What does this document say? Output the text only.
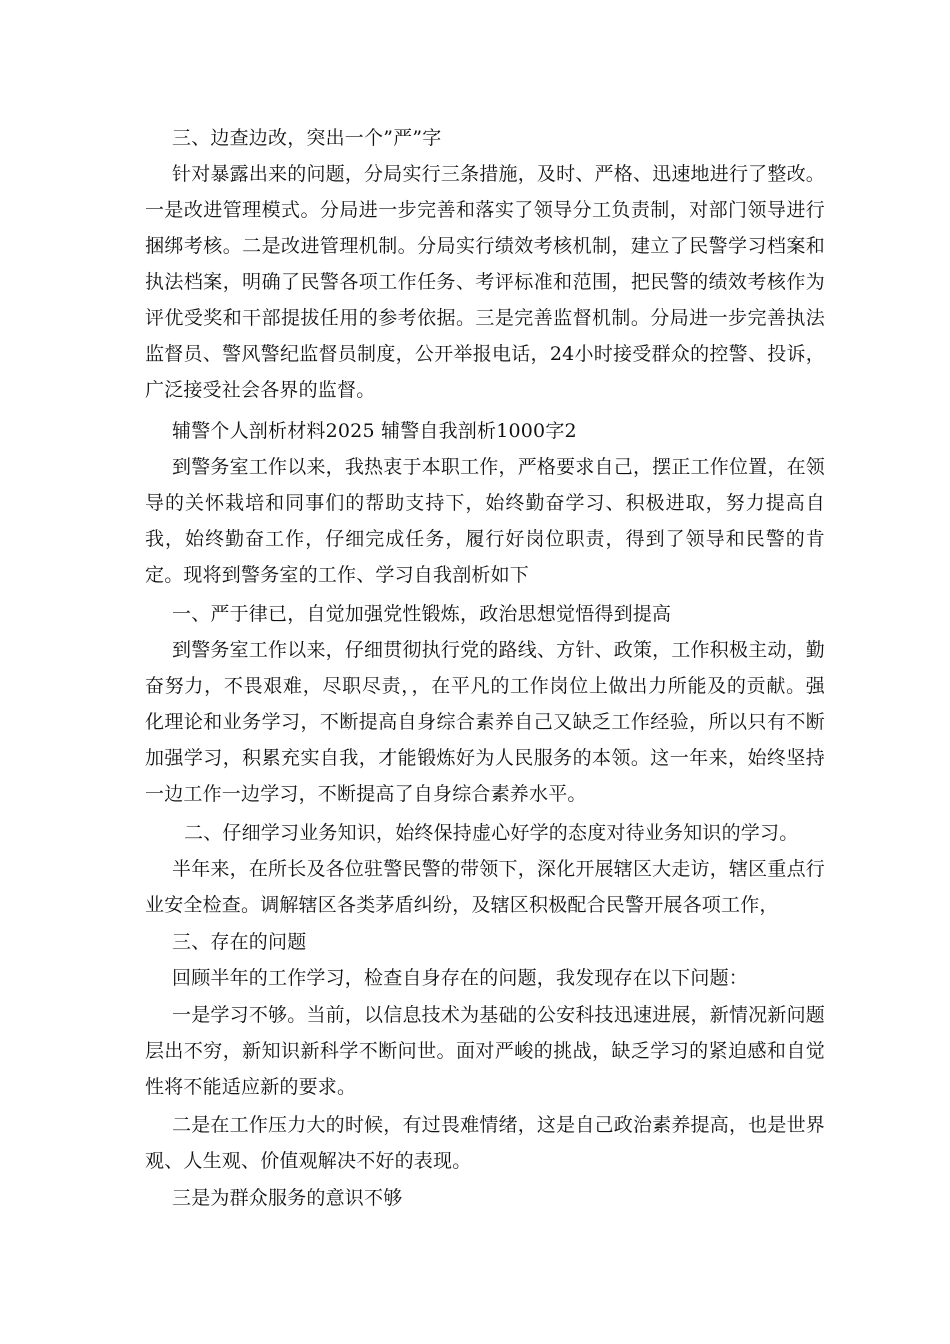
三、边查边改，突出一个”严”字

针对暴露出来的问题，分局实行三条措施，及时、严格、迅速地进行了整改。一是改进管理模式。分局进一步完善和落实了领导分工负责制，对部门领导进行捆绑考核。二是改进管理机制。分局实行绩效考核机制，建立了民警学习档案和执法档案，明确了民警各项工作任务、考评标准和范围，把民警的绩效考核作为评优受奖和干部提拔任用的参考依据。三是完善监督机制。分局进一步完善执法监督员、警风警纪监督员制度，公开举报电话，24小时接受群众的控警、投诉，广泛接受社会各界的监督。

辅警个人剖析材料2025 辅警自我剖析1000字2

到警务室工作以来，我热衷于本职工作，严格要求自己，摆正工作位置，在领导的关怀栽培和同事们的帮助支持下，始终勤奋学习、积极进取，努力提高自我，始终勤奋工作，仔细完成任务，履行好岗位职责，得到了领导和民警的肯定。现将到警务室的工作、学习自我剖析如下

一、严于律已，自觉加强党性锻炼，政治思想觉悟得到提高

到警务室工作以来，仔细贯彻执行党的路线、方针、政策，工作积极主动，勤奋努力，不畏艰难，尽职尽责，，在平凡的工作岗位上做出力所能及的贡献。强化理论和业务学习，不断提高自身综合素养自己又缺乏工作经验，所以只有不断加强学习，积累充实自我，才能锻炼好为人民服务的本领。这一年来，始终坚持一边工作一边学习，不断提高了自身综合素养水平。

二、仔细学习业务知识，始终保持虚心好学的态度对待业务知识的学习。

半年来，在所长及各位驻警民警的带领下，深化开展辖区大走访，辖区重点行业安全检查。调解辖区各类茅盾纠纷，及辖区积极配合民警开展各项工作，

三、存在的问题

回顾半年的工作学习，检查自身存在的问题，我发现存在以下问题：

一是学习不够。当前，以信息技术为基础的公安科技迅速进展，新情况新问题层出不穷，新知识新科学不断问世。面对严峻的挑战，缺乏学习的紧迫感和自觉性将不能适应新的要求。

二是在工作压力大的时候，有过畏难情绪，这是自己政治素养提高，也是世界观、人生观、价值观解决不好的表现。

三是为群众服务的意识不够
